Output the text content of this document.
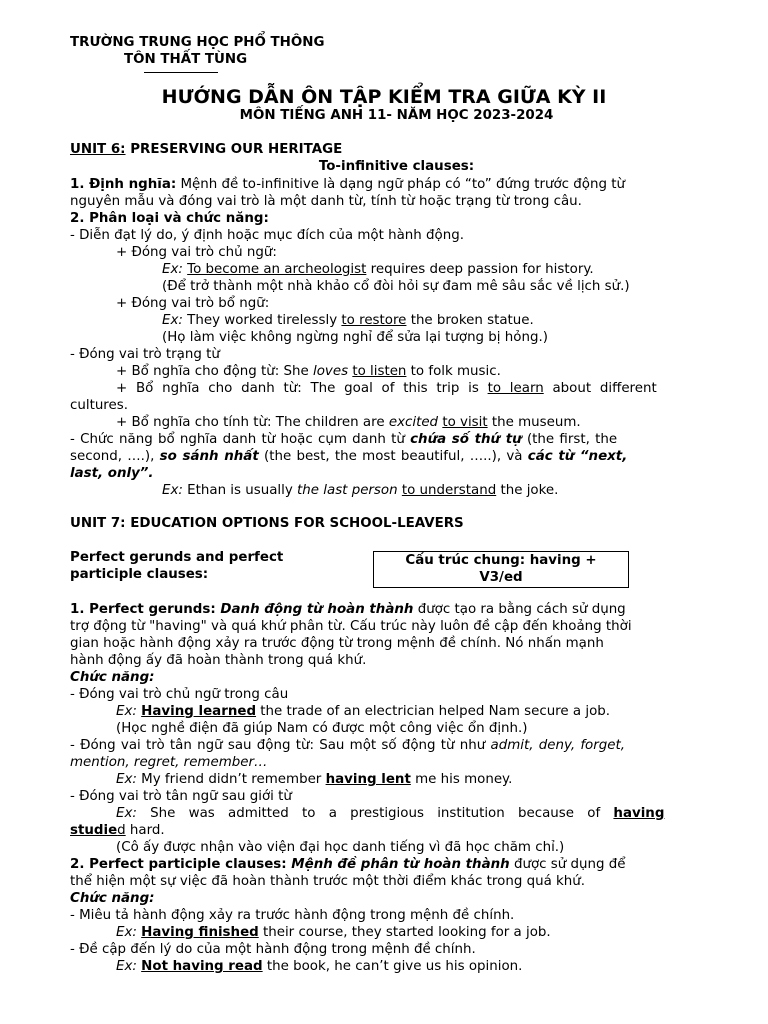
TRƯỜNG TRUNG HỌC PHỔ THÔNG
TÔN THẤT TÙNG
HƯỚNG DẪN ÔN TẬP KIỂM TRA GIỮA KỲ II
MÔN TIẾNG ANH 11- NĂM HỌC 2023-2024
UNIT 6: PRESERVING OUR HERITAGE
To-infinitive clauses:
1. Định nghĩa: Mệnh đề to-infinitive là dạng ngữ pháp có “to” đứng trước động từ
nguyên mẫu và đóng vai trò là một danh từ, tính từ hoặc trạng từ trong câu.
2. Phân loại và chức năng:
- Diễn đạt lý do, ý định hoặc mục đích của một hành động.
+ Đóng vai trò chủ ngữ:
Ex: To become an archeologist requires deep passion for history.
(Để trở thành một nhà khảo cổ đòi hỏi sự đam mê sâu sắc về lịch sử.)
+ Đóng vai trò bổ ngữ:
Ex: They worked tirelessly to restore the broken statue.
(Họ làm việc không ngừng nghỉ để sửa lại tượng bị hỏng.)
- Đóng vai trò trạng từ
+ Bổ nghĩa cho động từ: She loves to listen to folk music.
+ Bổ nghĩa cho danh từ: The goal of this trip is to learn about different
cultures.
+ Bổ nghĩa cho tính từ: The children are excited to visit the museum.
- Chức năng bổ nghĩa danh từ hoặc cụm danh từ chứa số thứ tự (the first, the
second, ….), so sánh nhất (the best, the most beautiful, …..), và các từ “next,
last, only”.
Ex: Ethan is usually the last person to understand the joke.
UNIT 7: EDUCATION OPTIONS FOR SCHOOL-LEAVERS
Perfect gerunds and perfect
participle clauses:
Cấu trúc chung: having +
V3/ed
1. Perfect gerunds: Danh động từ hoàn thành được tạo ra bằng cách sử dụng
trợ động từ "having" và quá khứ phân từ. Cấu trúc này luôn đề cập đến khoảng thời
gian hoặc hành động xảy ra trước động từ trong mệnh đề chính. Nó nhấn mạnh
hành động ấy đã hoàn thành trong quá khứ.
Chức năng:
- Đóng vai trò chủ ngữ trong câu
Ex: Having learned the trade of an electrician helped Nam secure a job.
(Học nghề điện đã giúp Nam có được một công việc ổn định.)
- Đóng vai trò tân ngữ sau động từ: Sau một số động từ như admit, deny, forget,
mention, regret, remember…
Ex: My friend didn’t remember having lent me his money.
- Đóng vai trò tân ngữ sau giới từ
Ex: She was admitted to a prestigious institution because of having
studied hard.
(Cô ấy được nhận vào viện đại học danh tiếng vì đã học chăm chỉ.)
2. Perfect participle clauses: Mệnh đề phân từ hoàn thành được sử dụng để
thể hiện một sự việc đã hoàn thành trước một thời điểm khác trong quá khứ.
Chức năng:
- Miêu tả hành động xảy ra trước hành động trong mệnh đề chính.
Ex: Having finished their course, they started looking for a job.
- Đề cập đến lý do của một hành động trong mệnh đề chính.
Ex: Not having read the book, he can’t give us his opinion.
